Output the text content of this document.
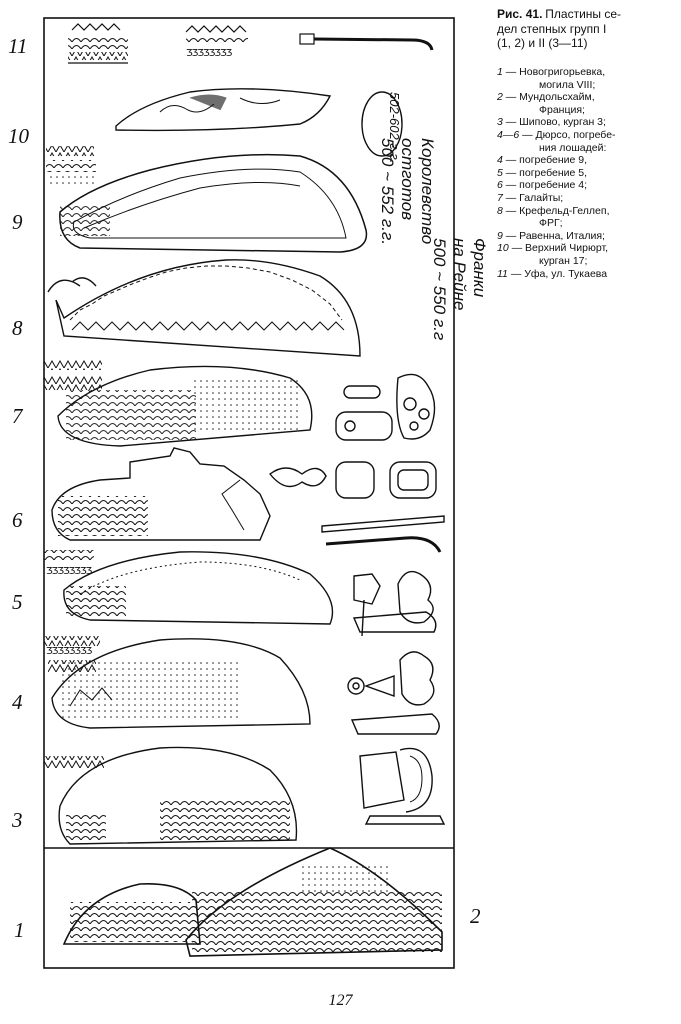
11
10
9
8
7
6
5
4
3
1
2
ƷƷƷƷƷƷƷƷ
ƷƷƷƷƷƷƷƷ
ƷƷƷƷƷƷƷƷ
Королевство
остготов
500 ~ 552 г.г.
Франки
на Рейне
500 ~ 550 г.г
502-602 г.г.
Рис. 41. Пластины се-
дел степных групп I
(1, 2) и II (3—11)
1 — Новогригорьевка,
могила VIII;
2 — Мундольсхайм,
Франция;
3 — Шипово, курган 3;
4—6 — Дюрсо, погребе-
ния лошадей:
4 — погребение 9,
5 — погребение 5,
6 — погребение 4;
7 — Галайты;
8 — Крефельд-Геллеп,
ФРГ;
9 — Равенна, Италия;
10 — Верхний Чирюрт,
курган 17;
11 — Уфа, ул. Тукаева
127
